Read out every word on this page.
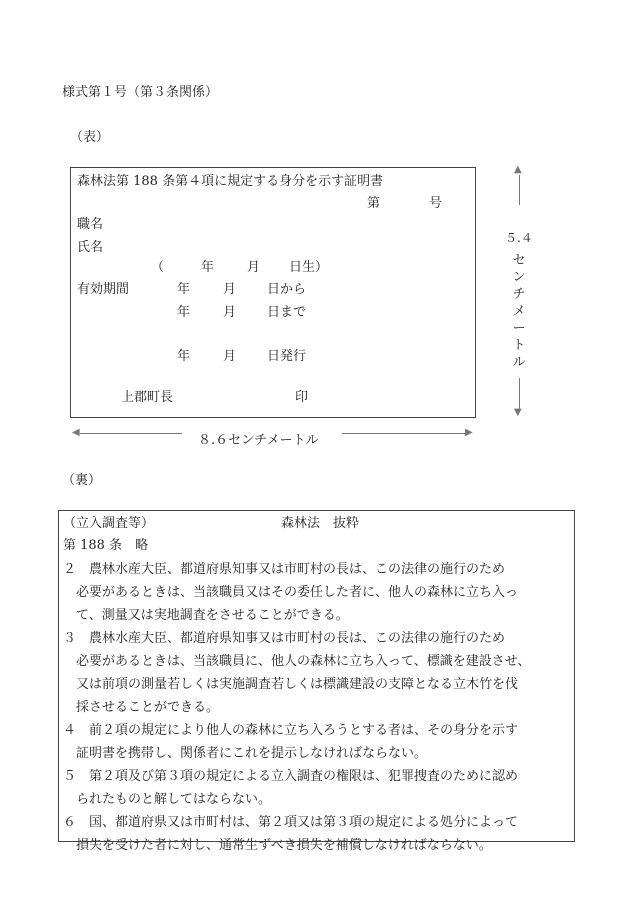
様式第１号（第３条関係）
（表）
森林法第 188 条第４項に規定する身分を示す証明書
第	号
職名
氏名
（	年	月 日生）
有効期間	年	月 日から
年	月 日まで
年	月 日発行
上郡町長	印
▲
５.４
セ
ン
チ
メ
ー
ト
ル
▼
◀
８.６センチメートル
▶
（裏）
（立入調査等）	森林法　抜粋
第 188 条　略
２ 　農林水産大臣、都道府県知事又は市町村の長は、この法律の施行のため
必要があるときは、当該職員又はその委任した者に、他人の森林に立ち入っ
て、測量又は実地調査をさせることができる。
３ 　農林水産大臣、都道府県知事又は市町村の長は、この法律の施行のため
必要があるときは、当該職員に、他人の森林に立ち入って、標識を建設させ、
又は前項の測量若しくは実施調査若しくは標識建設の支障となる立木竹を伐
採させることができる。
４ 　前２項の規定により他人の森林に立ち入ろうとする者は、その身分を示す
証明書を携帯し、関係者にこれを提示しなければならない。
５ 　第２項及び第３項の規定による立入調査の権限は、犯罪捜査のために認め
られたものと解してはならない。
６ 　国、都道府県又は市町村は、第２項又は第３項の規定による処分によって
損失を受けた者に対し、通常生ずべき損失を補償しなければならない。
